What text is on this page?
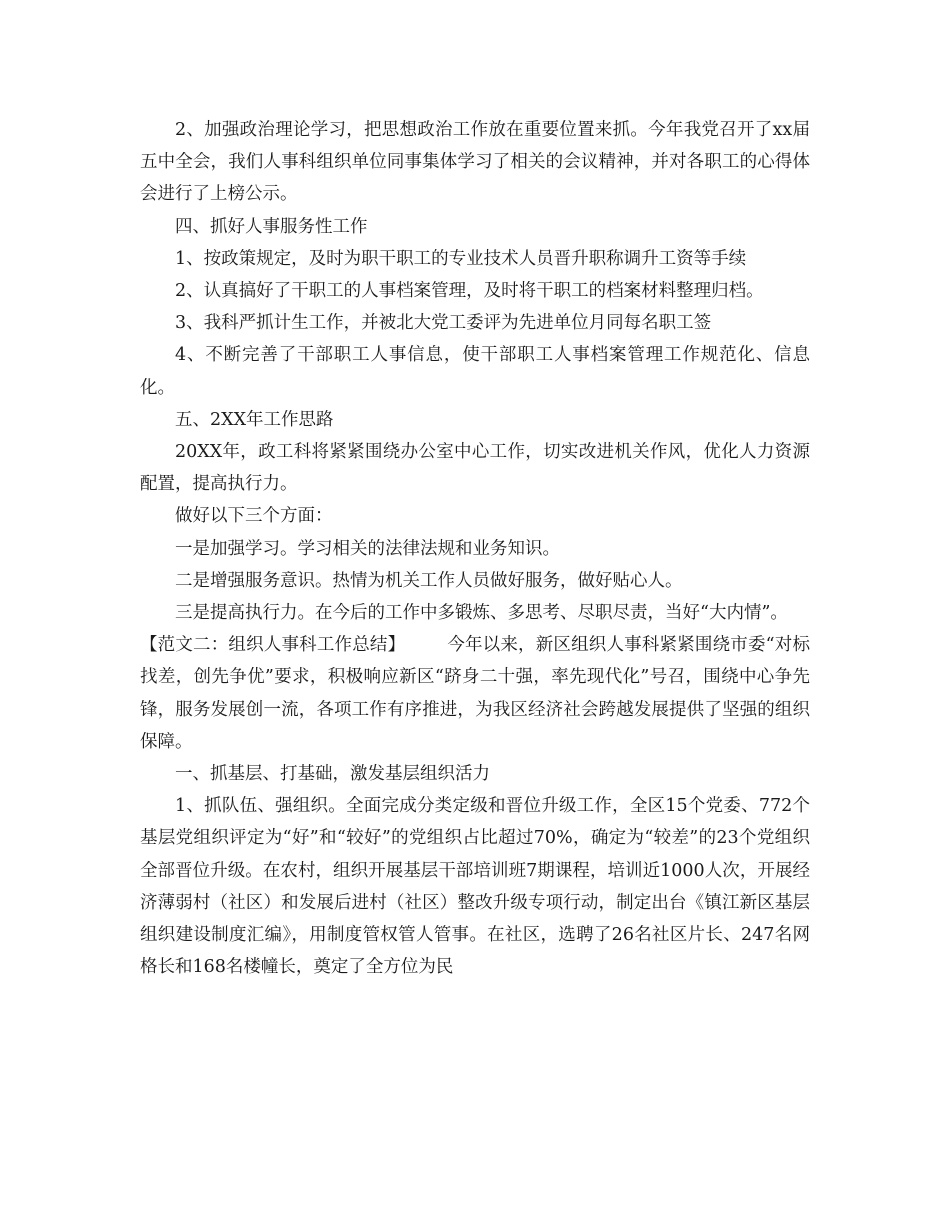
2、加强政治理论学习，把思想政治工作放在重要位置来抓。今年我党召开了xx届五中全会，我们人事科组织单位同事集体学习了相关的会议精神，并对各职工的心得体会进行了上榜公示。

四、抓好人事服务性工作

1、按政策规定，及时为职干职工的专业技术人员晋升职称调升工资等手续

2、认真搞好了干职工的人事档案管理，及时将干职工的档案材料整理归档。

3、我科严抓计生工作，并被北大党工委评为先进单位月同每名职工签

4、不断完善了干部职工人事信息，使干部职工人事档案管理工作规范化、信息化。

五、2XX年工作思路

20XX年，政工科将紧紧围绕办公室中心工作，切实改进机关作风，优化人力资源配置，提高执行力。

做好以下三个方面：

一是加强学习。学习相关的法律法规和业务知识。

二是增强服务意识。热情为机关工作人员做好服务，做好贴心人。

三是提高执行力。在今后的工作中多锻炼、多思考、尽职尽责，当好“大内情”。

【范文二：组织人事科工作总结】 今年以来，新区组织人事科紧紧围绕市委“对标找差，创先争优”要求，积极响应新区“跻身二十强，率先现代化”号召，围绕中心争先锋，服务发展创一流，各项工作有序推进，为我区经济社会跨越发展提供了坚强的组织保障。

一、抓基层、打基础，激发基层组织活力

1、抓队伍、强组织。全面完成分类定级和晋位升级工作，全区15个党委、772个基层党组织评定为“好”和“较好”的党组织占比超过70%，确定为“较差”的23个党组织全部晋位升级。在农村，组织开展基层干部培训班7期课程，培训近1000人次，开展经济薄弱村（社区）和发展后进村（社区）整改升级专项行动，制定出台《镇江新区基层组织建设制度汇编》，用制度管权管人管事。在社区，选聘了26名社区片长、247名网格长和168名楼幢长，奠定了全方位为民
